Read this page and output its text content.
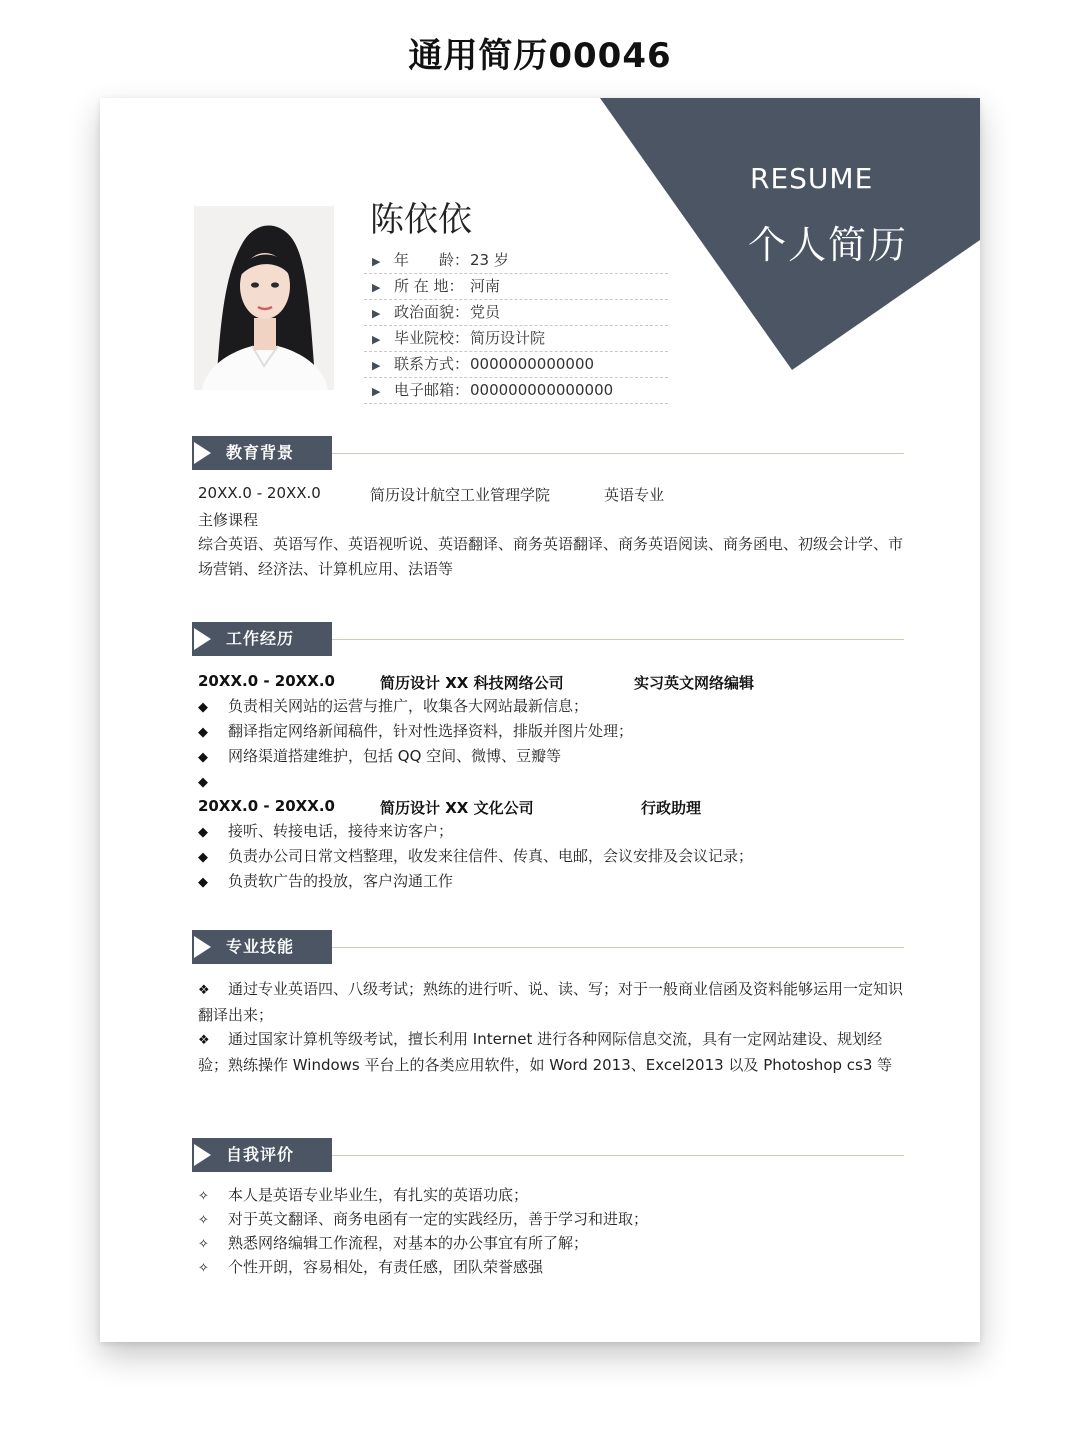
通用简历00046
RESUME
个人简历
陈依依
▶ 年　　龄：23 岁
▶ 所 在 地： 河南
▶ 政治面貌：党员
▶ 毕业院校：简历设计院
▶ 联系方式：0000000000000
▶ 电子邮箱：000000000000000
教育背景
20XX.0 - 20XX.0	简历设计航空工业管理学院	英语专业
主修课程
综合英语、英语写作、英语视听说、英语翻译、商务英语翻译、商务英语阅读、商务函电、初级会计学、市场营销、经济法、计算机应用、法语等
工作经历
20XX.0 - 20XX.0	简历设计 XX 科技网络公司	实习英文网络编辑
◆ 负责相关网站的运营与推广，收集各大网站最新信息；
◆ 翻译指定网络新闻稿件，针对性选择资料，排版并图片处理；
◆ 网络渠道搭建维护，包括 QQ 空间、微博、豆瓣等
◆
20XX.0 - 20XX.0	简历设计 XX 文化公司	行政助理
◆ 接听、转接电话，接待来访客户；
◆ 负责办公司日常文档整理，收发来往信件、传真、电邮，会议安排及会议记录；
◆ 负责软广告的投放，客户沟通工作
专业技能
❖ 通过专业英语四、八级考试；熟练的进行听、说、读、写；对于一般商业信函及资料能够运用一定知识翻译出来；
❖ 通过国家计算机等级考试，擅长利用 Internet 进行各种网际信息交流，具有一定网站建设、规划经验；熟练操作 Windows 平台上的各类应用软件，如 Word 2013、Excel2013 以及 Photoshop cs3 等
自我评价
✧ 本人是英语专业毕业生，有扎实的英语功底；
✧ 对于英文翻译、商务电函有一定的实践经历，善于学习和进取；
✧ 熟悉网络编辑工作流程，对基本的办公事宜有所了解；
✧ 个性开朗，容易相处，有责任感，团队荣誉感强
